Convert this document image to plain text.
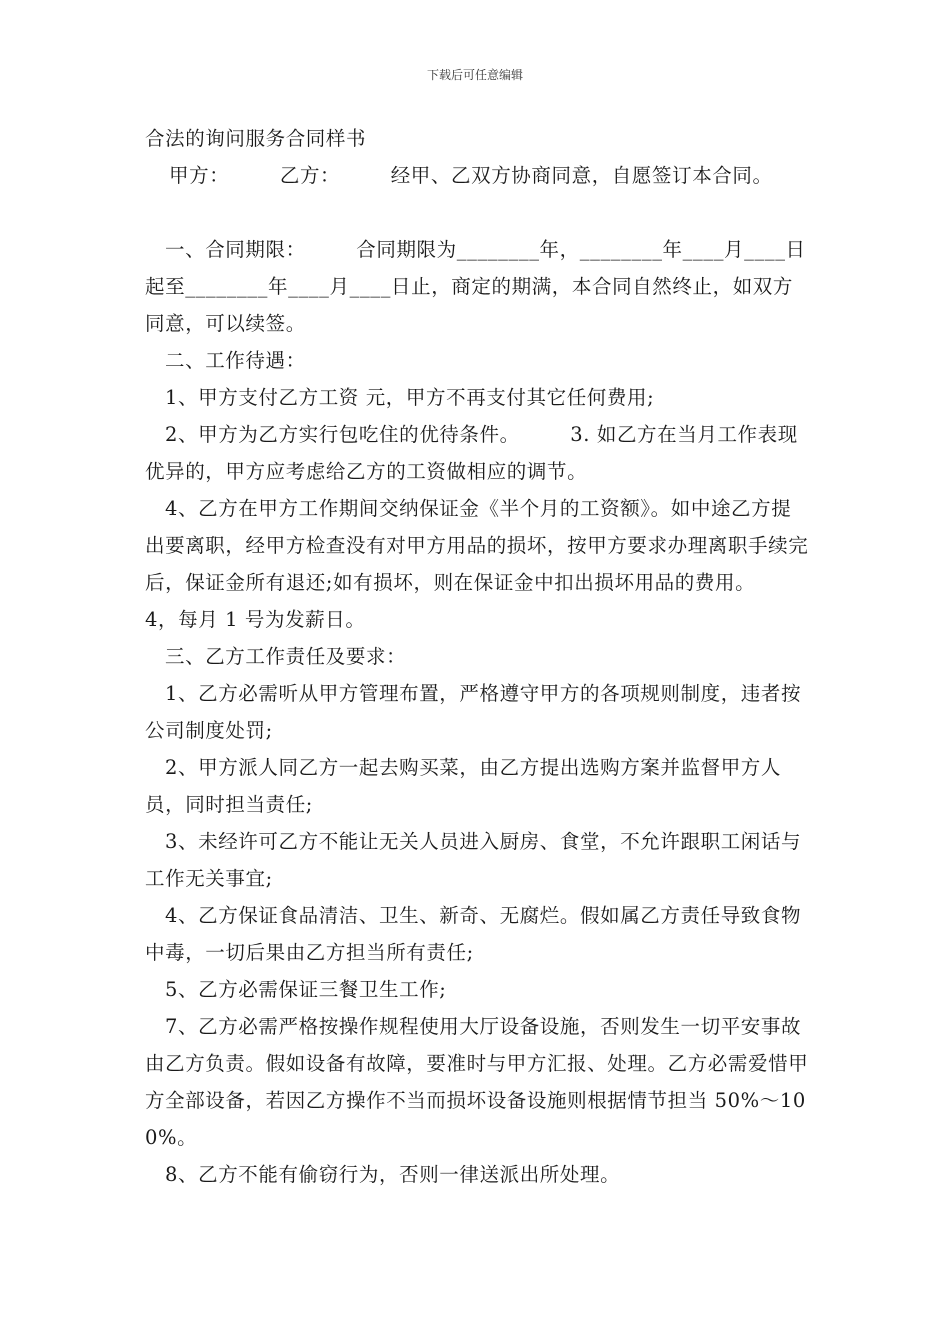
下载后可任意编辑

合法的询问服务合同样书

甲方：　　　乙方：　　　经甲、乙双方协商同意，自愿签订本合同。

一、合同期限：　　　合同期限为________年，________年____月____日起至________年____月____日止，商定的期满，本合同自然终止，如双方同意，可以续签。

二、工作待遇：

1、甲方支付乙方工资 元，甲方不再支付其它任何费用;

2、甲方为乙方实行包吃住的优待条件。　　　3. 如乙方在当月工作表现优异的，甲方应考虑给乙方的工资做相应的调节。

4、乙方在甲方工作期间交纳保证金《半个月的工资额》。如中途乙方提出要离职，经甲方检查没有对甲方用品的损坏，按甲方要求办理离职手续完后，保证金所有退还;如有损坏，则在保证金中扣出损坏用品的费用。　　4，每月 1 号为发薪日。

三、乙方工作责任及要求：

1、乙方必需听从甲方管理布置，严格遵守甲方的各项规则制度，违者按公司制度处罚;

2、甲方派人同乙方一起去购买菜，由乙方提出选购方案并监督甲方人员，同时担当责任;

3、未经许可乙方不能让无关人员进入厨房、食堂，不允许跟职工闲话与工作无关事宜;

4、乙方保证食品清洁、卫生、新奇、无腐烂。假如属乙方责任导致食物中毒，一切后果由乙方担当所有责任;

5、乙方必需保证三餐卫生工作;

7、乙方必需严格按操作规程使用大厅设备设施，否则发生一切平安事故由乙方负责。假如设备有故障，要准时与甲方汇报、处理。乙方必需爱惜甲方全部设备，若因乙方操作不当而损坏设备设施则根据情节担当 50%～100%。

8、乙方不能有偷窃行为，否则一律送派出所处理。
